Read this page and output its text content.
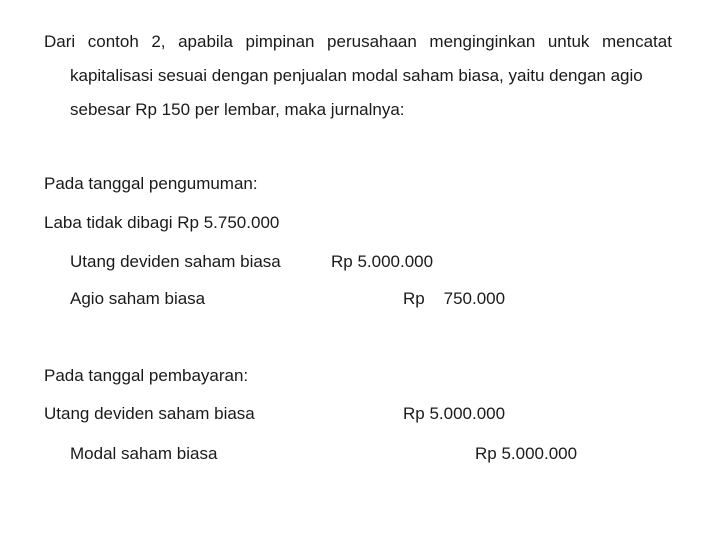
Dari contoh 2, apabila pimpinan perusahaan menginginkan untuk mencatat
kapitalisasi sesuai dengan penjualan modal saham biasa, yaitu dengan agio
sebesar Rp 150 per lembar, maka jurnalnya:
Pada tanggal pengumuman:
Laba tidak dibagi Rp 5.750.000
Utang deviden saham biasa	Rp 5.000.000
Agio saham biasa	Rp    750.000
Pada tanggal pembayaran:
Utang deviden saham biasa	Rp 5.000.000
Modal saham biasa	Rp 5.000.000
